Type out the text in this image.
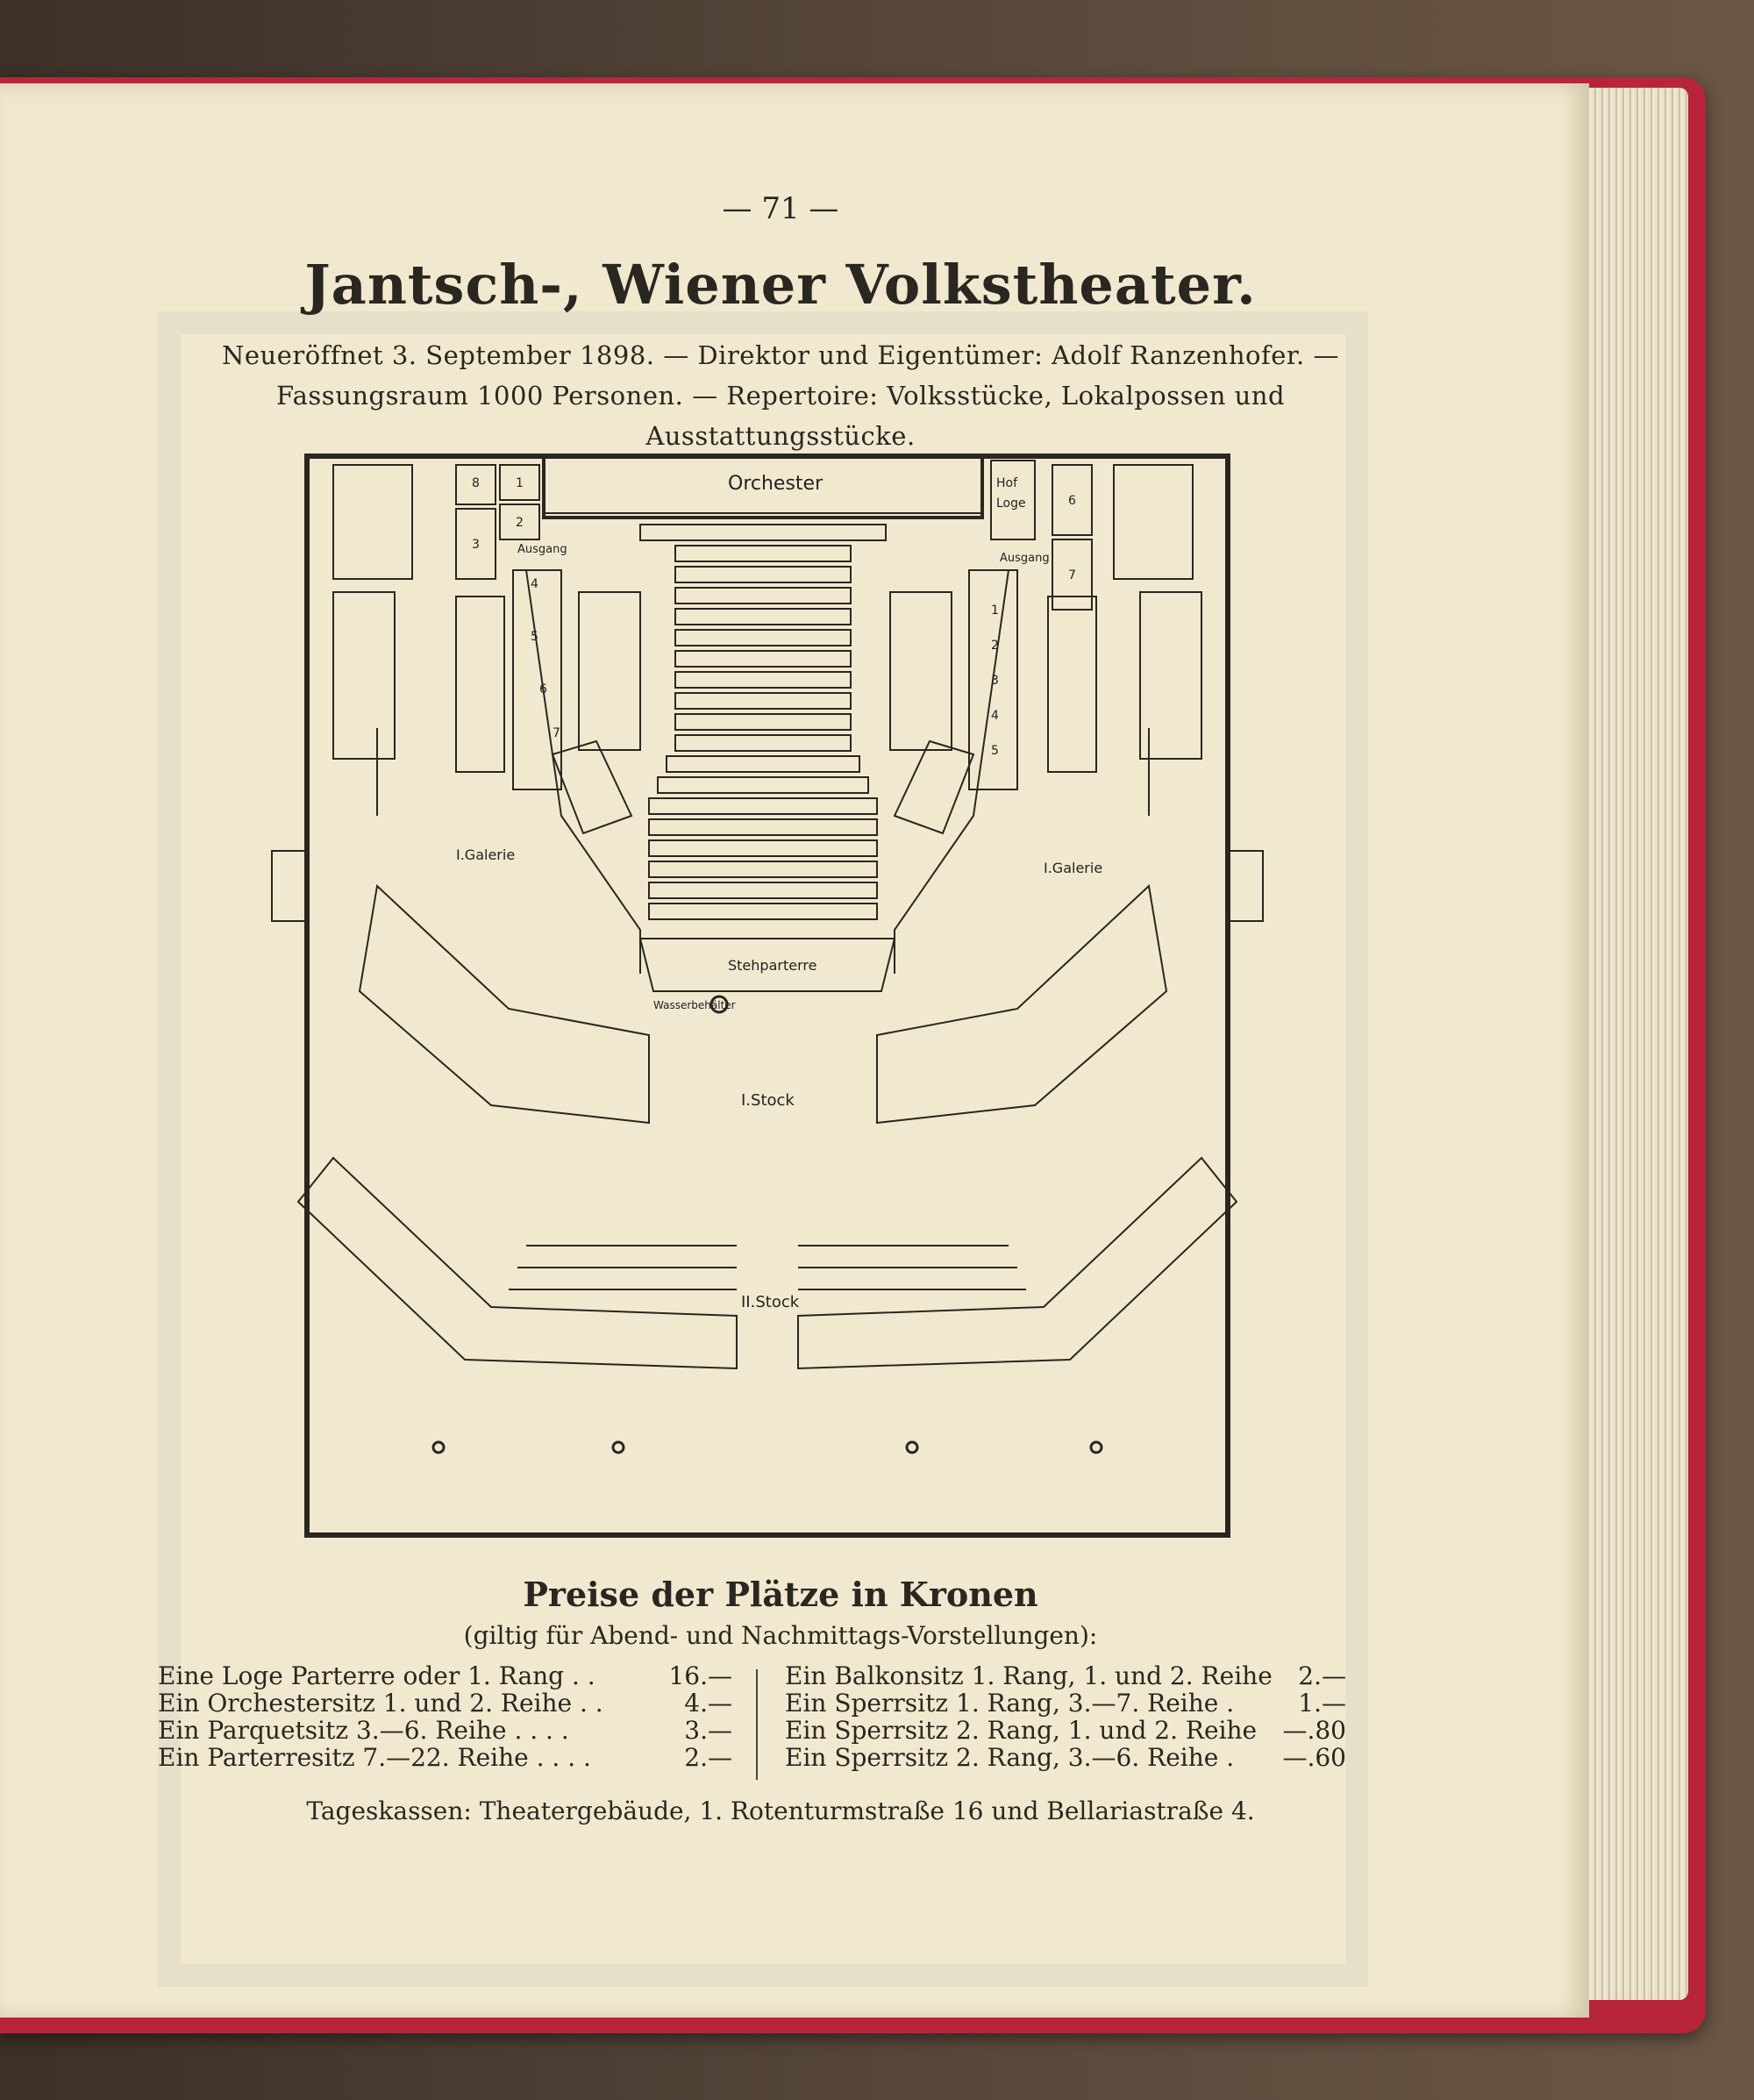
— 71 —
Jantsch-, Wiener Volkstheater.
Neueröffnet 3. September 1898. — Direktor und Eigentümer: Adolf Ranzenhofer. — Fassungsraum 1000 Personen. — Repertoire: Volksstücke, Lokalpossen und Ausstattungsstücke.
Orchester	Hof
Loge
Ausgang
Ausgang
I.Galerie
I.Galerie
Stehparterre
Wasserbehälter
I.Stock
II.Stock
8	1
2
3
4
5
6
7
6
7
1
2
3
4
5
Preise der Plätze in Kronen
(giltig für Abend- und Nachmittags-Vorstellungen):
Eine Loge Parterre oder 1. Rang . .	16.—
Ein Orchestersitz 1. und 2. Reihe . .	4.—
Ein Parquetsitz 3.—6. Reihe . . . .	3.—
Ein Parterresitz 7.—22. Reihe . . . .	2.—
Ein Balkonsitz 1. Rang, 1. und 2. Reihe 2.—
Ein Sperrsitz 1. Rang, 3.—7. Reihe .	1.—
Ein Sperrsitz 2. Rang, 1. und 2. Reihe —.80
Ein Sperrsitz 2. Rang, 3.—6. Reihe . —.60
Tageskassen: Theatergebäude, 1. Rotenturmstraße 16 und Bellariastraße 4.
